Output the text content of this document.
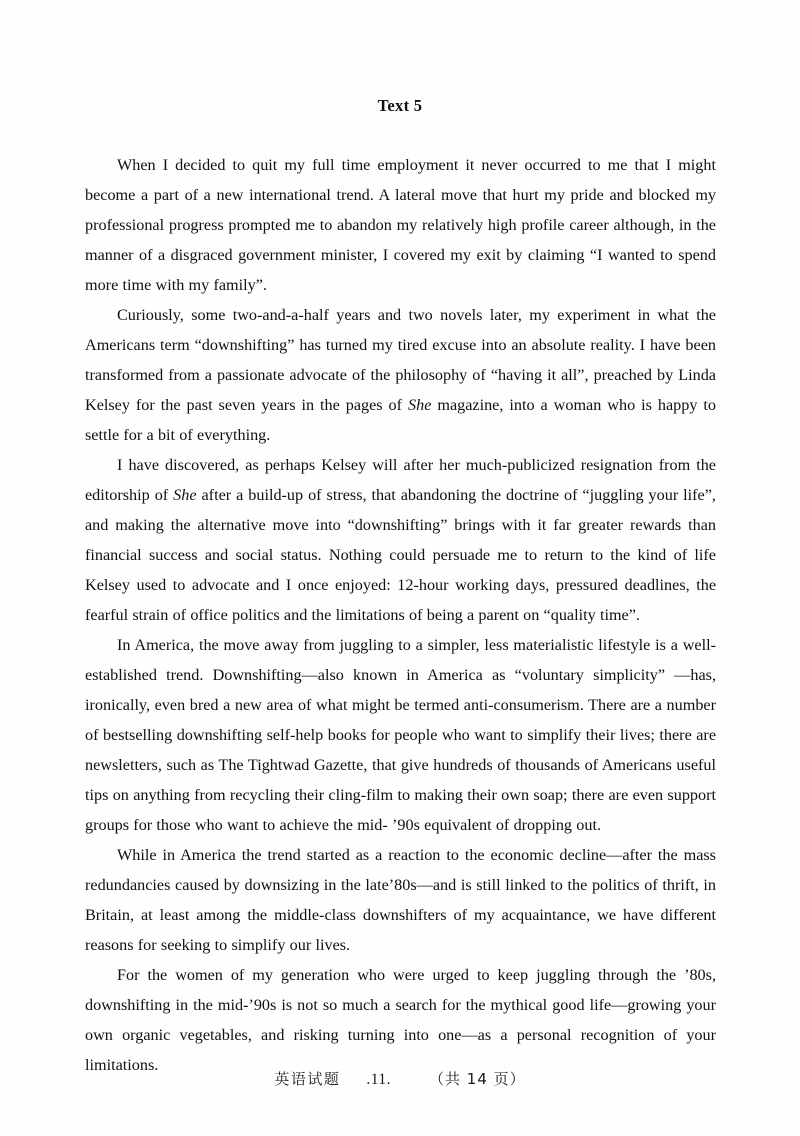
Text 5

When I decided to quit my full time employment it never occurred to me that I might become a part of a new international trend. A lateral move that hurt my pride and blocked my professional progress prompted me to abandon my relatively high profile career although, in the manner of a disgraced government minister, I covered my exit by claiming “I wanted to spend more time with my family”.

Curiously, some two-and-a-half years and two novels later, my experiment in what the Americans term “downshifting” has turned my tired excuse into an absolute reality. I have been transformed from a passionate advocate of the philosophy of “having it all”, preached by Linda Kelsey for the past seven years in the pages of She magazine, into a woman who is happy to settle for a bit of everything.

I have discovered, as perhaps Kelsey will after her much-publicized resignation from the editorship of She after a build-up of stress, that abandoning the doctrine of “juggling your life”, and making the alternative move into “downshifting” brings with it far greater rewards than financial success and social status. Nothing could persuade me to return to the kind of life Kelsey used to advocate and I once enjoyed: 12-hour working days, pressured deadlines, the fearful strain of office politics and the limitations of being a parent on “quality time”.

In America, the move away from juggling to a simpler, less materialistic lifestyle is a well-established trend. Downshifting—also known in America as “voluntary simplicity” —has, ironically, even bred a new area of what might be termed anti-consumerism. There are a number of bestselling downshifting self-help books for people who want to simplify their lives; there are newsletters, such as The Tightwad Gazette, that give hundreds of thousands of Americans useful tips on anything from recycling their cling-film to making their own soap; there are even support groups for those who want to achieve the mid- ’90s equivalent of dropping out.

While in America the trend started as a reaction to the economic decline—after the mass redundancies caused by downsizing in the late’80s—and is still linked to the politics of thrift, in Britain, at least among the middle-class downshifters of my acquaintance, we have different reasons for seeking to simplify our lives.

For the women of my generation who were urged to keep juggling through the ’80s, downshifting in the mid-’90s is not so much a search for the mythical good life—growing your own organic vegetables, and risking turning into one—as a personal recognition of your limitations.

英语试题 .11.	（共 14 页）
